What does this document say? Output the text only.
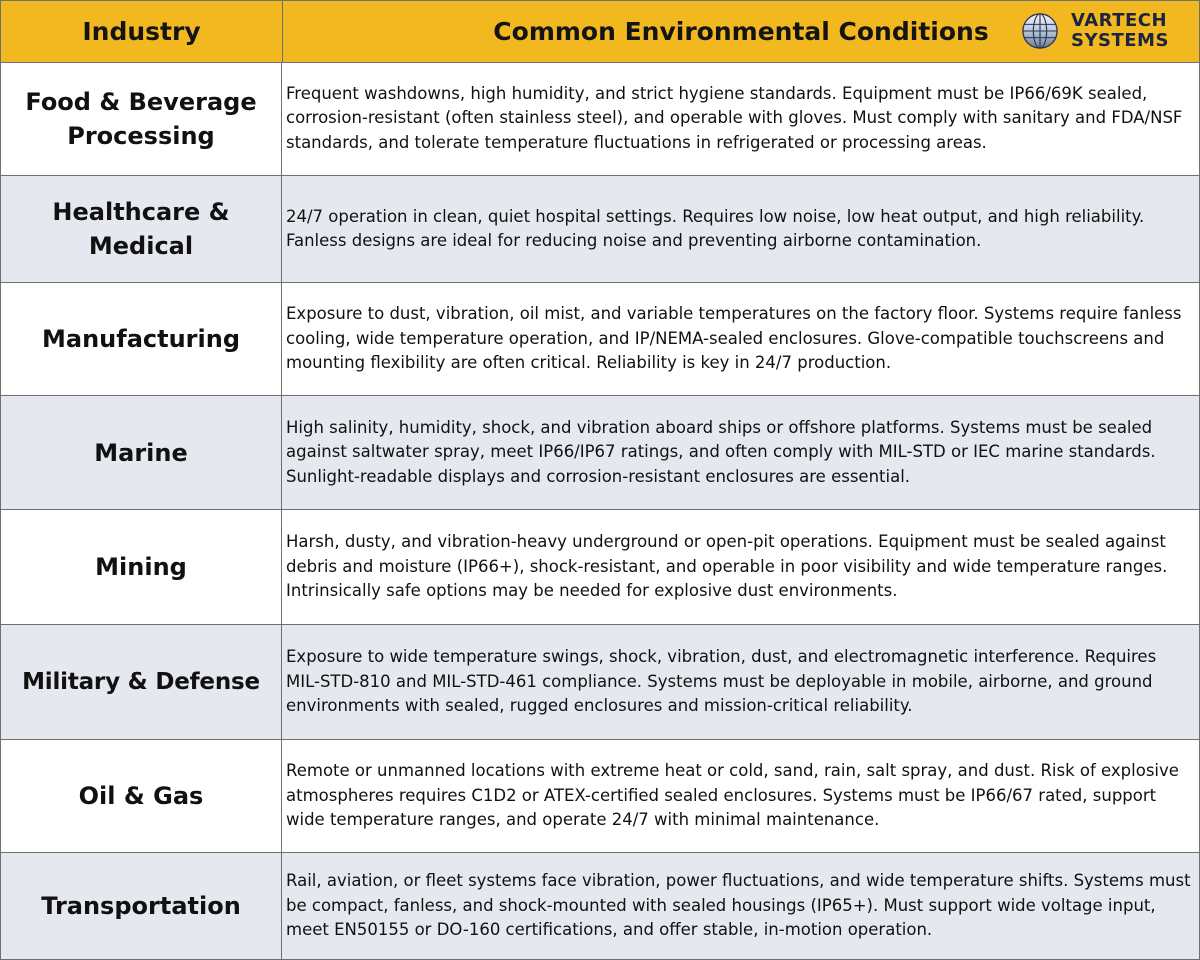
Industry	Common Environmental Conditions	VARTECH
SYSTEMS
Food & Beverage Processing
Frequent washdowns, high humidity, and strict hygiene standards. Equipment must be IP66/69K sealed, corrosion-resistant (often stainless steel), and operable with gloves. Must comply with sanitary and FDA/NSF standards, and tolerate temperature fluctuations in refrigerated or processing areas.
Healthcare & Medical
24/7 operation in clean, quiet hospital settings. Requires low noise, low heat output, and high reliability. Fanless designs are ideal for reducing noise and preventing airborne contamination.
Manufacturing
Exposure to dust, vibration, oil mist, and variable temperatures on the factory floor. Systems require fanless cooling, wide temperature operation, and IP/NEMA-sealed enclosures. Glove-compatible touchscreens and mounting flexibility are often critical. Reliability is key in 24/7 production.
Marine
High salinity, humidity, shock, and vibration aboard ships or offshore platforms. Systems must be sealed against saltwater spray, meet IP66/IP67 ratings, and often comply with MIL-STD or IEC marine standards. Sunlight-readable displays and corrosion-resistant enclosures are essential.
Mining
Harsh, dusty, and vibration-heavy underground or open-pit operations. Equipment must be sealed against debris and moisture (IP66+), shock-resistant, and operable in poor visibility and wide temperature ranges. Intrinsically safe options may be needed for explosive dust environments.
Military & Defense
Exposure to wide temperature swings, shock, vibration, dust, and electromagnetic interference. Requires MIL-STD-810 and MIL-STD-461 compliance. Systems must be deployable in mobile, airborne, and ground environments with sealed, rugged enclosures and mission-critical reliability.
Oil & Gas
Remote or unmanned locations with extreme heat or cold, sand, rain, salt spray, and dust. Risk of explosive atmospheres requires C1D2 or ATEX-certified sealed enclosures. Systems must be IP66/67 rated, support wide temperature ranges, and operate 24/7 with minimal maintenance.
Transportation
Rail, aviation, or fleet systems face vibration, power fluctuations, and wide temperature shifts. Systems must be compact, fanless, and shock-mounted with sealed housings (IP65+). Must support wide voltage input, meet EN50155 or DO-160 certifications, and offer stable, in-motion operation.
